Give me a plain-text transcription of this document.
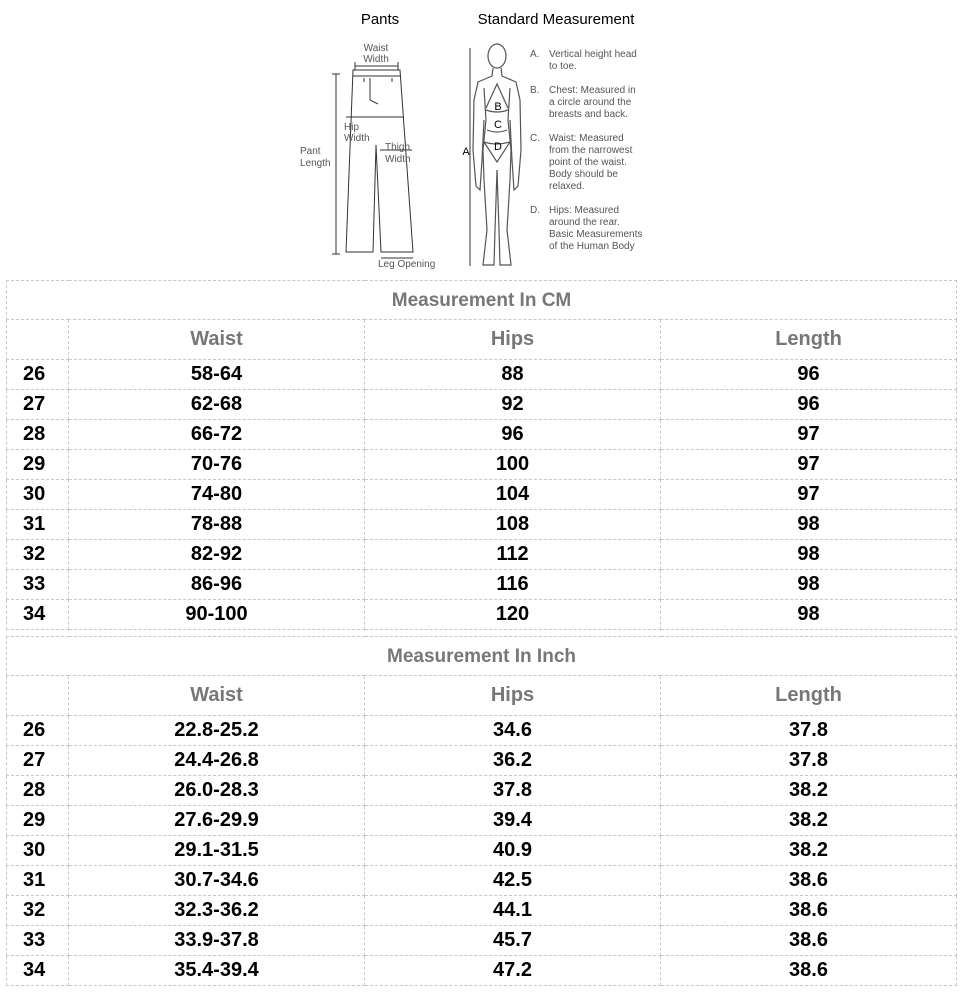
Pants	Standard Measurement
Waist
Width
Hip
Width
Thigh
Width
Pant
Length
Leg Opening
B
C
D
A
A. Vertical height head
to toe.
B. Chest: Measured in
a circle around the
breasts and back.
C. Waist: Measured
from the narrowest
point of the waist.
Body should be
relaxed.
D. Hips: Measured
around the rear.
Basic Measurements
of the Human Body
Measurement In CM			
	Waist	Hips	Length
26	58-64	88	96
27	62-68	92	96
28	66-72	96	97
29	70-76	100	97
30	74-80	104	97
31	78-88	108	98
32	82-92	112	98
33	86-96	116	98
34	90-100	120	98
Measurement In Inch			
	Waist	Hips	Length
26	22.8-25.2	34.6	37.8
27	24.4-26.8	36.2	37.8
28	26.0-28.3	37.8	38.2
29	27.6-29.9	39.4	38.2
30	29.1-31.5	40.9	38.2
31	30.7-34.6	42.5	38.6
32	32.3-36.2	44.1	38.6
33	33.9-37.8	45.7	38.6
34	35.4-39.4	47.2	38.6
